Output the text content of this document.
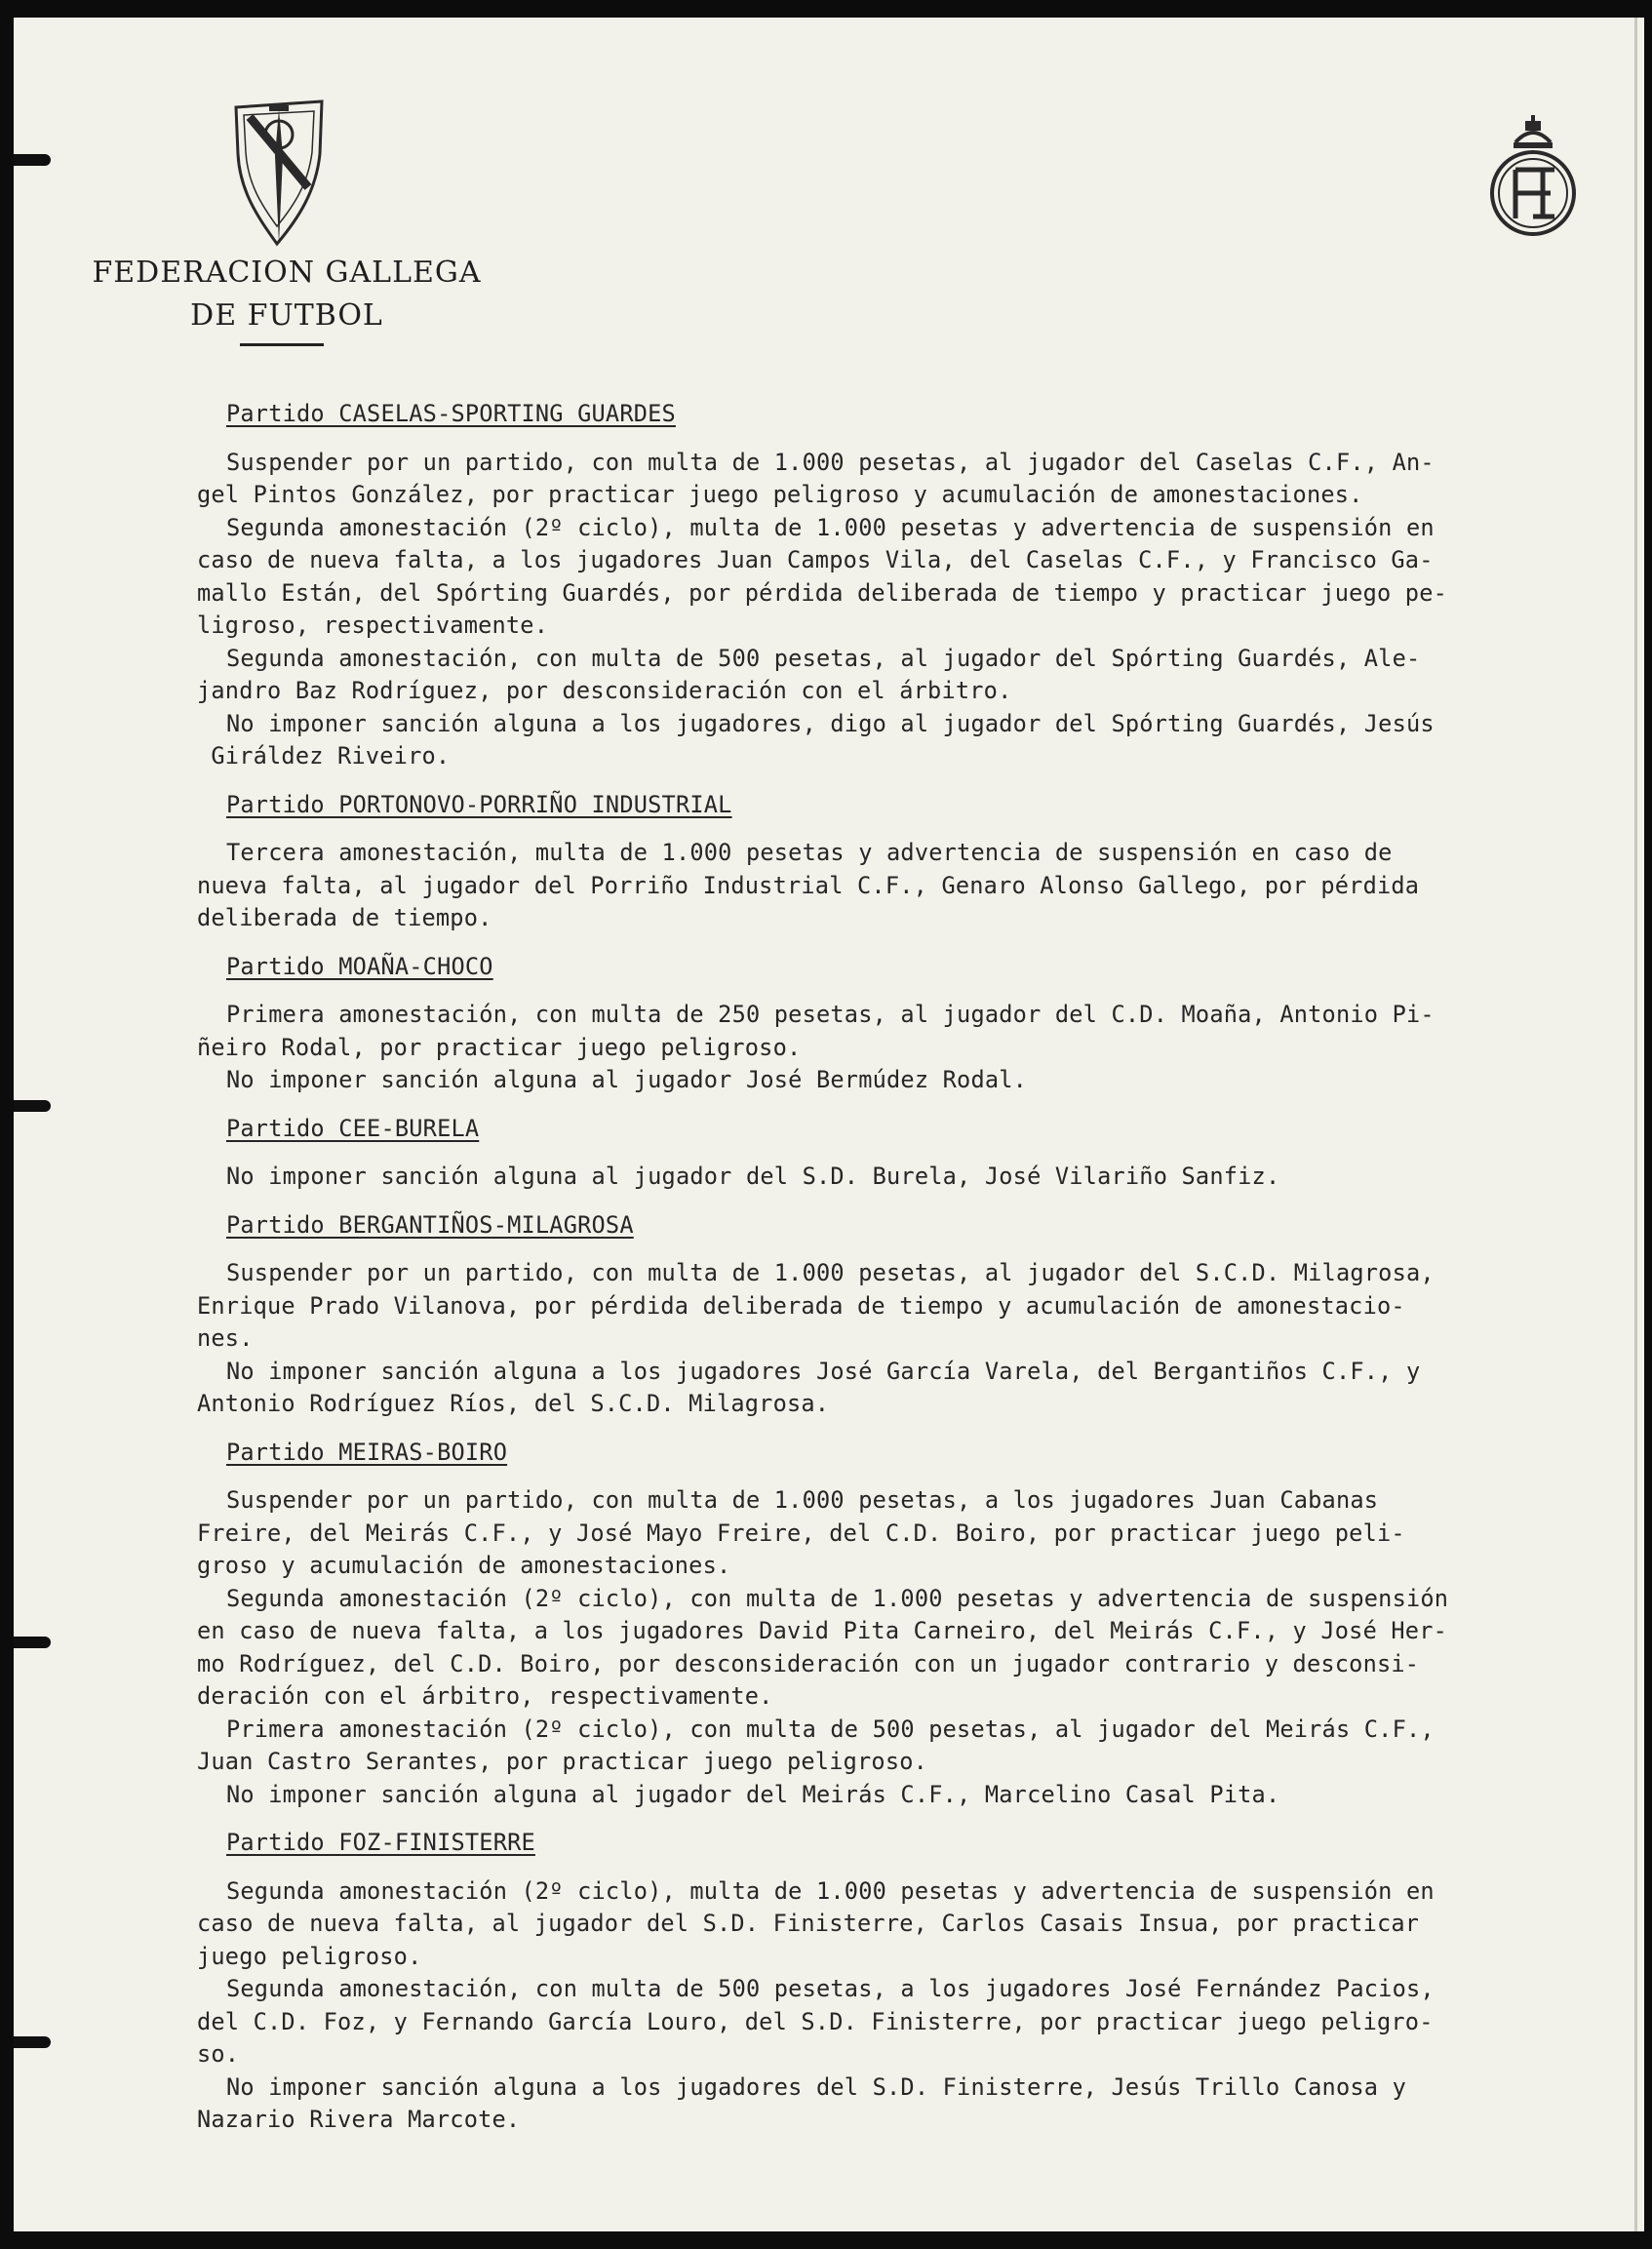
FEDERACION GALLEGA
DE FUTBOL
Partido CASELAS-SPORTING GUARDES

Suspender por un partido, con multa de 1.000 pesetas, al jugador del Caselas C.F., An-
gel Pintos González, por practicar juego peligroso y acumulación de amonestaciones.

Segunda amonestación (2º ciclo), multa de 1.000 pesetas y advertencia de suspensión en
caso de nueva falta, a los jugadores Juan Campos Vila, del Caselas C.F., y Francisco Ga-
mallo Están, del Spórting Guardés, por pérdida deliberada de tiempo y practicar juego pe-
ligroso, respectivamente.

Segunda amonestación, con multa de 500 pesetas, al jugador del Spórting Guardés, Ale-
jandro Baz Rodríguez, por desconsideración con el árbitro.

No imponer sanción alguna a los jugadores, digo al jugador del Spórting Guardés, Jesús
Giráldez Riveiro.

Partido PORTONOVO-PORRIÑO INDUSTRIAL

Tercera amonestación, multa de 1.000 pesetas y advertencia de suspensión en caso de
nueva falta, al jugador del Porriño Industrial C.F., Genaro Alonso Gallego, por pérdida
deliberada de tiempo.

Partido MOAÑA-CHOCO

Primera amonestación, con multa de 250 pesetas, al jugador del C.D. Moaña, Antonio Pi-
ñeiro Rodal, por practicar juego peligroso.

No imponer sanción alguna al jugador José Bermúdez Rodal.

Partido CEE-BURELA

No imponer sanción alguna al jugador del S.D. Burela, José Vilariño Sanfiz.

Partido BERGANTIÑOS-MILAGROSA

Suspender por un partido, con multa de 1.000 pesetas, al jugador del S.C.D. Milagrosa,
Enrique Prado Vilanova, por pérdida deliberada de tiempo y acumulación de amonestacio-
nes.

No imponer sanción alguna a los jugadores José García Varela, del Bergantiños C.F., y
Antonio Rodríguez Ríos, del S.C.D. Milagrosa.

Partido MEIRAS-BOIRO

Suspender por un partido, con multa de 1.000 pesetas, a los jugadores Juan Cabanas
Freire, del Meirás C.F., y José Mayo Freire, del C.D. Boiro, por practicar juego peli-
groso y acumulación de amonestaciones.

Segunda amonestación (2º ciclo), con multa de 1.000 pesetas y advertencia de suspensión
en caso de nueva falta, a los jugadores David Pita Carneiro, del Meirás C.F., y José Her-
mo Rodríguez, del C.D. Boiro, por desconsideración con un jugador contrario y desconsi-
deración con el árbitro, respectivamente.

Primera amonestación (2º ciclo), con multa de 500 pesetas, al jugador del Meirás C.F.,
Juan Castro Serantes, por practicar juego peligroso.

No imponer sanción alguna al jugador del Meirás C.F., Marcelino Casal Pita.

Partido FOZ-FINISTERRE

Segunda amonestación (2º ciclo), multa de 1.000 pesetas y advertencia de suspensión en
caso de nueva falta, al jugador del S.D. Finisterre, Carlos Casais Insua, por practicar
juego peligroso.

Segunda amonestación, con multa de 500 pesetas, a los jugadores José Fernández Pacios,
del C.D. Foz, y Fernando García Louro, del S.D. Finisterre, por practicar juego peligro-
so.

No imponer sanción alguna a los jugadores del S.D. Finisterre, Jesús Trillo Canosa y
Nazario Rivera Marcote.
